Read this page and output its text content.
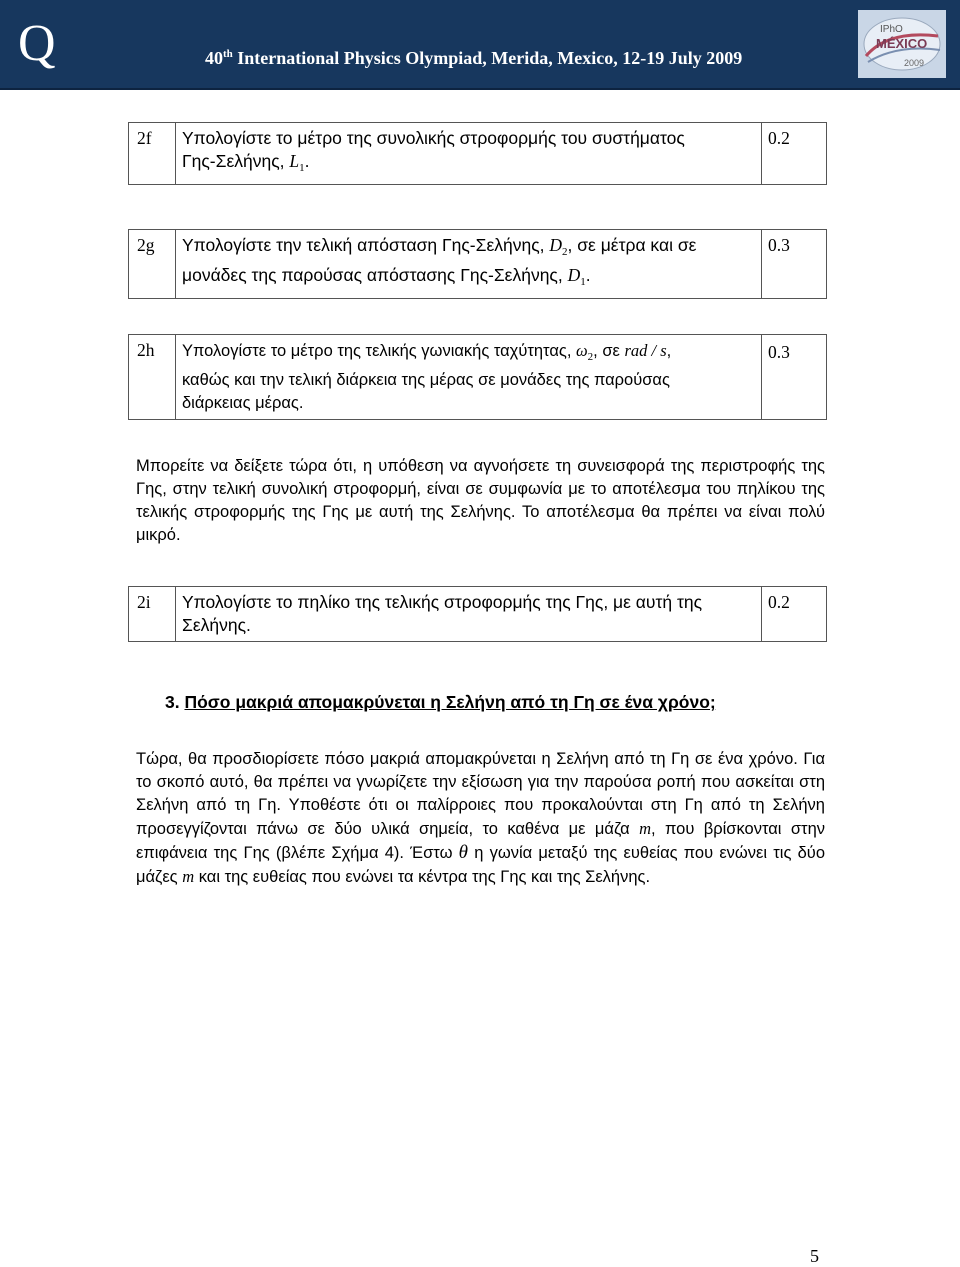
Q	40th International Physics Olympiad, Merida, Mexico, 12-19 July 2009
IPhO
MÉXICO
2009
2f	Υπολογίστε το μέτρο της συνολικής στροφορμής του συστήματος
Γης-Σελήνης, $L_1$.	0.2
2g	Υπολογίστε την τελική απόσταση Γης-Σελήνης, $D_2$, σε μέτρα και σε
μονάδες της παρούσας απόστασης Γης-Σελήνης, $D_1$.	0.3
2h	Υπολογίστε το μέτρο της τελικής γωνιακής ταχύτητας, $\omega_2$, σε rad / s,
καθώς και την τελική διάρκεια της μέρας σε μονάδες της παρούσας
διάρκειας μέρας.	0.3
Μπορείτε να δείξετε τώρα ότι, η υπόθεση να αγνοήσετε τη συνεισφορά της περιστροφής της Γης, στην τελική συνολική στροφορμή, είναι σε συμφωνία με το αποτέλεσμα του πηλίκου της τελικής στροφορμής της Γης με αυτή της Σελήνης. Το αποτέλεσμα θα πρέπει να είναι πολύ μικρό.
2i	Υπολογίστε το πηλίκο της τελικής στροφορμής της Γης, με αυτή της
Σελήνης.	0.2
3. Πόσο μακριά απομακρύνεται η Σελήνη από τη Γη σε ένα χρόνο;
Τώρα, θα προσδιορίσετε πόσο μακριά απομακρύνεται η Σελήνη από τη Γη σε ένα χρόνο. Για το σκοπό αυτό, θα πρέπει να γνωρίζετε την εξίσωση για την παρούσα ροπή που ασκείται στη Σελήνη από τη Γη. Υποθέστε ότι οι παλίρροιες που προκαλούνται στη Γη από τη Σελήνη προσεγγίζονται πάνω σε δύο υλικά σημεία, το καθένα με μάζα m, που βρίσκονται στην επιφάνεια της Γης (βλέπε Σχήμα 4). Έστω θ η γωνία μεταξύ της ευθείας που ενώνει τις δύο μάζες m και της ευθείας που ενώνει τα κέντρα της Γης και της Σελήνης.
5
